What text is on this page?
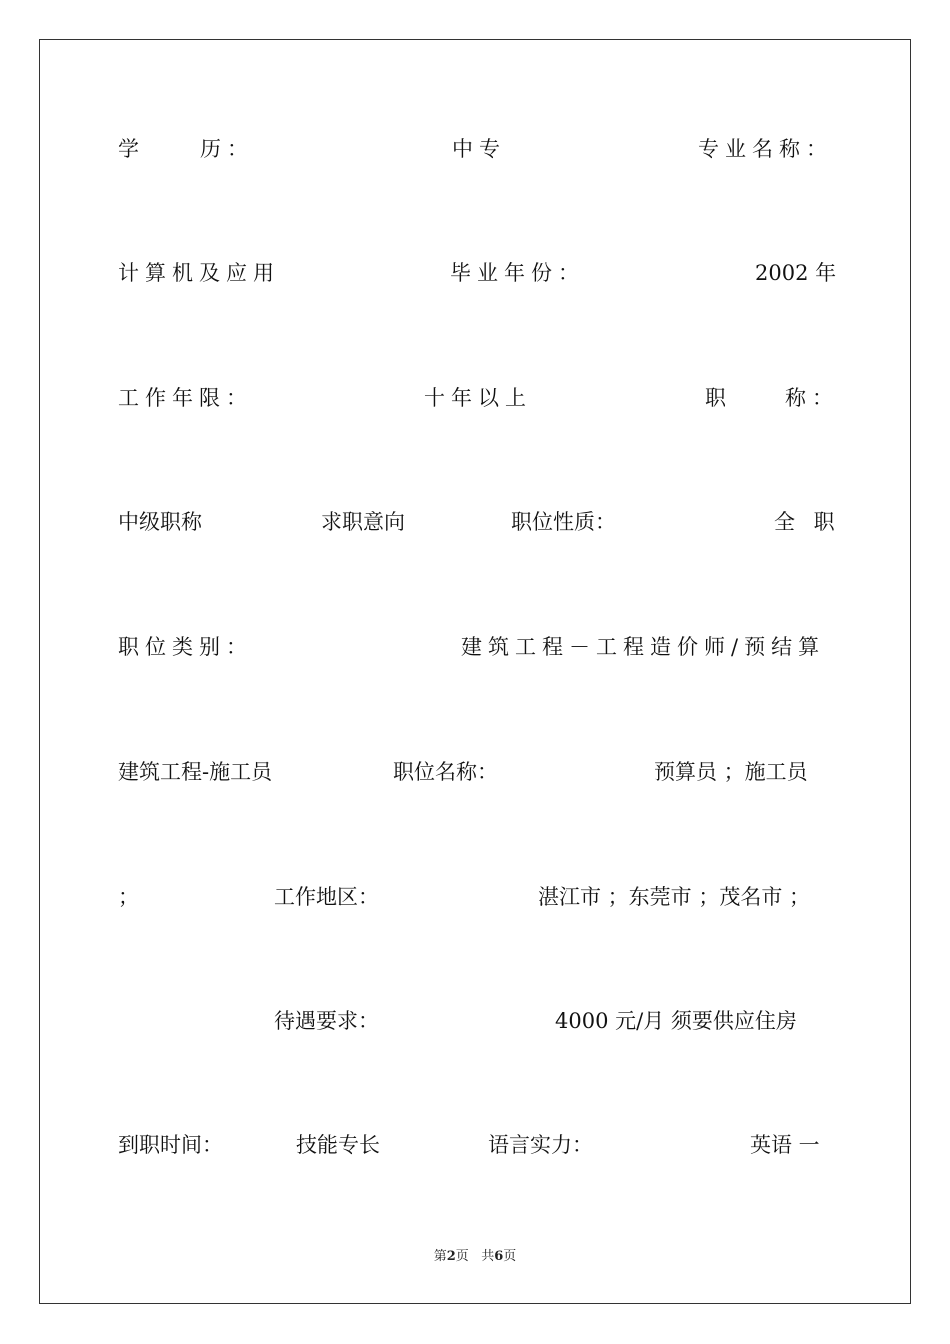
学	历：	中专	专业名称：
计算机及应用	毕业年份：	2002 年
工作年限：	十年以上	职	称：
中级职称	求职意向	职位性质：	全 职
职位类别：	建筑工程－工程造价师/预结算
建筑工程-施工员	职位名称：	预算员 ；施工员
；	工作地区：	湛江市 ；东莞市 ；茂名市 ；
待遇要求：	4000 元/月 须要供应住房
到职时间：	技能专长	语言实力：	英语 一
第2页 共6页
